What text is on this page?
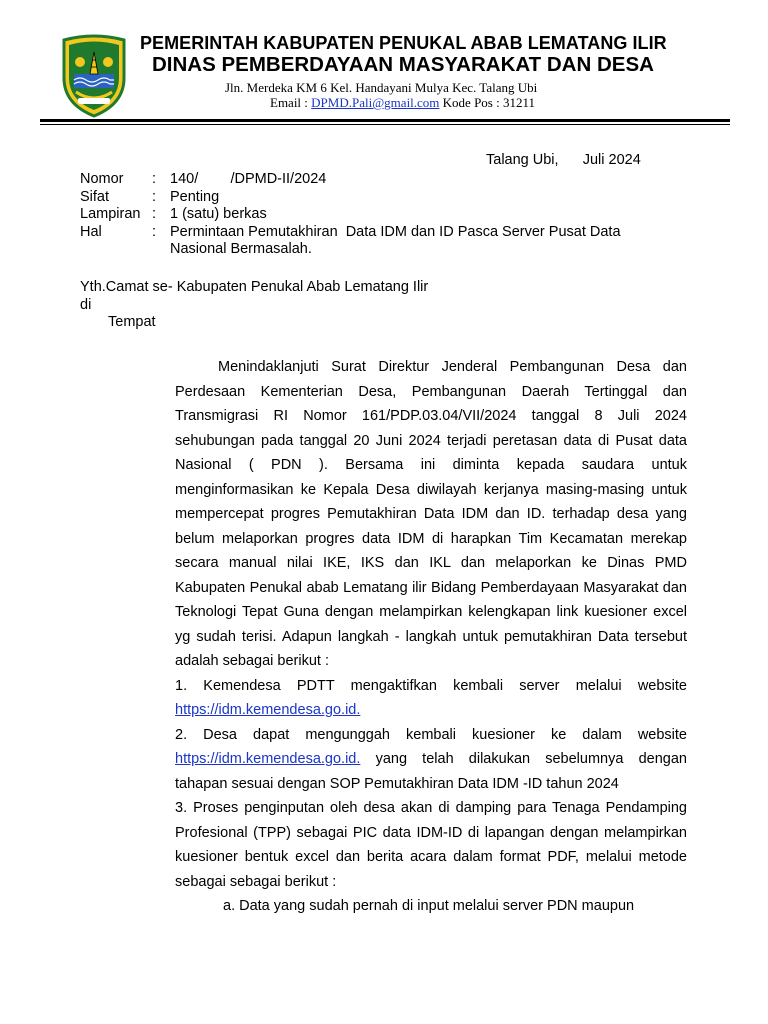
PEMERINTAH KABUPATEN PENUKAL ABAB LEMATANG ILIR
DINAS PEMBERDAYAAN MASYARAKAT DAN DESA
Jln. Merdeka KM 6 Kel. Handayani Mulya Kec. Talang Ubi
Email : DPMD.Pali@gmail.com Kode Pos : 31211
Talang Ubi,      Juli 2024
Nomor	: 140/        /DPMD-II/2024
Sifat	: Penting
Lampiran : 1 (satu) berkas
Hal	: Permintaan Pemutakhiran  Data IDM dan ID Pasca Server Pusat Data Nasional Bermasalah.
Yth.Camat se- Kabupaten Penukal Abab Lematang Ilir
di
Tempat

Menindaklanjuti Surat Direktur Jenderal Pembangunan Desa dan Perdesaan Kementerian Desa, Pembangunan Daerah Tertinggal dan Transmigrasi RI Nomor 161/PDP.03.04/VII/2024 tanggal 8 Juli 2024 sehubungan pada tanggal 20 Juni 2024 terjadi peretasan data di Pusat data Nasional ( PDN ). Bersama ini diminta kepada saudara untuk menginformasikan ke Kepala Desa diwilayah kerjanya masing-masing untuk mempercepat progres Pemutakhiran Data IDM dan ID. terhadap desa yang belum melaporkan progres data IDM di harapkan Tim Kecamatan merekap secara manual nilai IKE, IKS dan IKL dan melaporkan ke Dinas PMD Kabupaten Penukal abab Lematang ilir Bidang Pemberdayaan Masyarakat dan Teknologi Tepat Guna dengan melampirkan kelengkapan link kuesioner excel yg sudah terisi. Adapun langkah - langkah untuk pemutakhiran Data tersebut adalah sebagai berikut :

1. Kemendesa PDTT mengaktifkan kembali server melalui website https://idm.kemendesa.go.id.

2. Desa dapat mengunggah kembali kuesioner ke dalam website https://idm.kemendesa.go.id. yang telah dilakukan sebelumnya dengan tahapan sesuai dengan SOP Pemutakhiran Data IDM -ID tahun 2024

3. Proses penginputan oleh desa akan di damping para Tenaga Pendamping Profesional (TPP) sebagai PIC data IDM-ID di lapangan dengan melampirkan kuesioner bentuk excel dan berita acara dalam format PDF, melalui metode sebagai sebagai berikut :

a. Data yang sudah pernah di input melalui server PDN maupun
